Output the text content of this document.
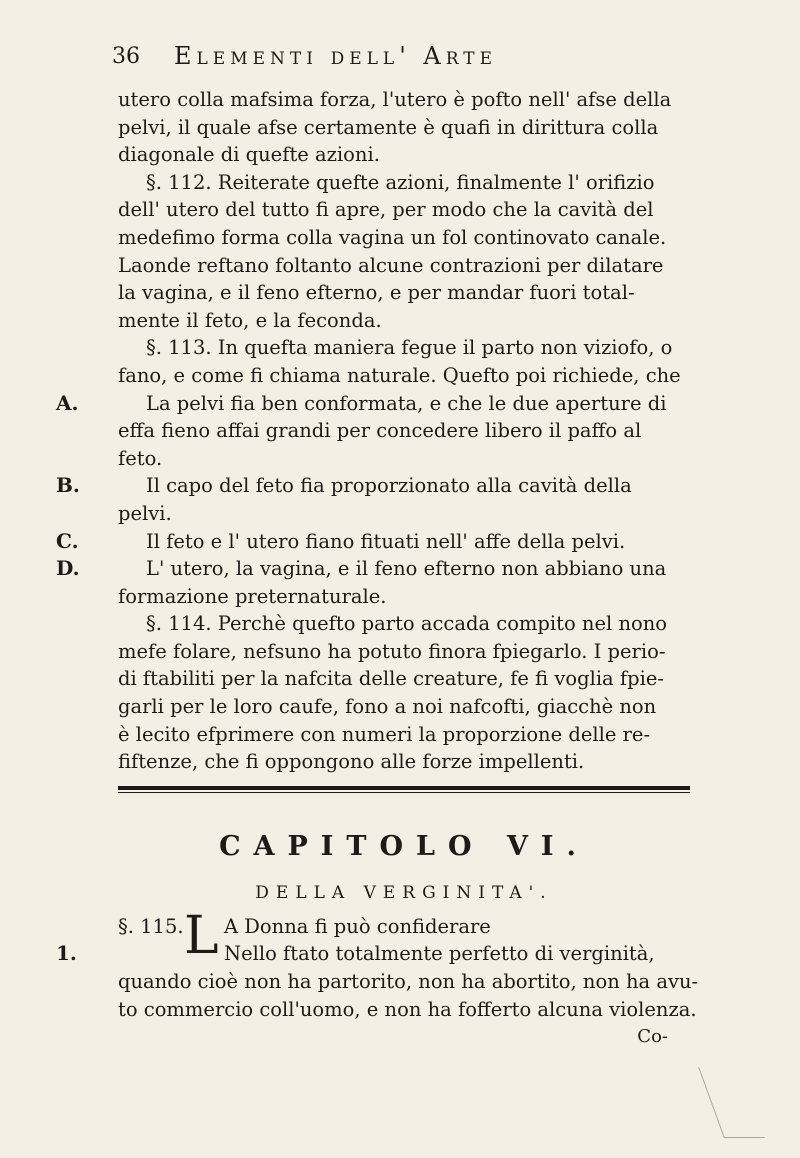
36 Elementi dell' Arte
utero colla mafsima forza, l'utero è pofto nell' afse della
pelvi, il quale afse certamente è quafi in dirittura colla
diagonale di quefte azioni.
§. 112. Reiterate quefte azioni, finalmente l' orifizio
dell' utero del tutto fi apre, per modo che la cavità del
medefimo forma colla vagina un fol continovato canale.
Laonde reftano foltanto alcune contrazioni per dilatare
la vagina, e il feno efterno, e per mandar fuori total-
mente il feto, e la feconda.
§. 113. In quefta maniera fegue il parto non viziofo, o
fano, e come fi chiama naturale. Quefto poi richiede, che
A.	La pelvi fia ben conformata, e che le due aperture di
effa fieno affai grandi per concedere libero il paffo al
feto.
B.	Il capo del feto fia proporzionato alla cavità della
pelvi.
C.	Il feto e l' utero fiano fituati nell' affe della pelvi.
D.	L' utero, la vagina, e il feno efterno non abbiano una
formazione preternaturale.
§. 114. Perchè quefto parto accada compito nel nono
mefe folare, nefsuno ha potuto finora fpiegarlo. I perio-
di ftabiliti per la nafcita delle creature, fe fi voglia fpie-
garli per le loro caufe, fono a noi nafcofti, giacchè non
è lecito efprimere con numeri la proporzione delle re-
fiftenze, che fi oppongono alle forze impellenti.
CAPITOLO VI.
DELLA VERGINITA'.
§. 115. L A Donna fi può confiderare
1.	Nello ftato totalmente perfetto di verginità,
quando cioè non ha partorito, non ha abortito, non ha avu-
to commercio coll'uomo, e non ha fofferto alcuna violenza.
Co-
